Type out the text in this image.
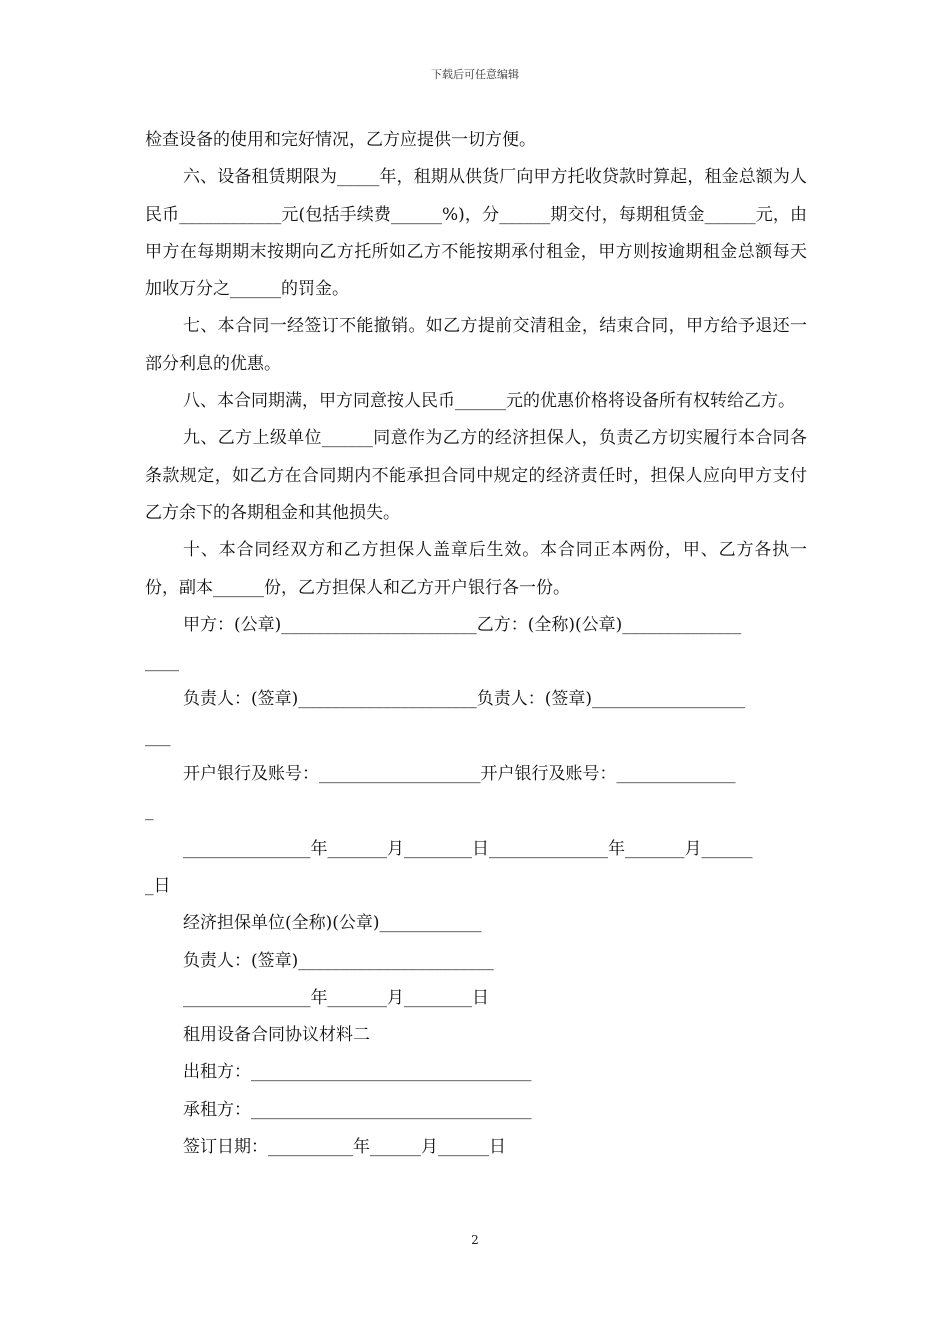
下载后可任意编辑

检查设备的使用和完好情况，乙方应提供一切方便。

六、设备租赁期限为_____年，租期从供货厂向甲方托收贷款时算起，租金总额为人民币____________元(包括手续费______%)，分______期交付，每期租赁金______元，由甲方在每期期末按期向乙方托所如乙方不能按期承付租金，甲方则按逾期租金总额每天加收万分之______的罚金。

七、本合同一经签订不能撤销。如乙方提前交清租金，结束合同，甲方给予退还一部分利息的优惠。

八、本合同期满，甲方同意按人民币______元的优惠价格将设备所有权转给乙方。

九、乙方上级单位______同意作为乙方的经济担保人，负责乙方切实履行本合同各条款规定，如乙方在合同期内不能承担合同中规定的经济责任时，担保人应向甲方支付乙方余下的各期租金和其他损失。

十、本合同经双方和乙方担保人盖章后生效。本合同正本两份，甲、乙方各执一份，副本______份，乙方担保人和乙方开户银行各一份。

甲方：(公章)_______________________乙方：(全称)(公章)______________

____

负责人：(签章)_____________________负责人：(签章)__________________

___

开户银行及账号：___________________开户银行及账号：______________

_

_______________年_______月________日______________年_______月______

_日

经济担保单位(全称)(公章)____________

负责人：(签章)_______________________

_______________年_______月________日

租用设备合同协议材料二

出租方：_________________________________

承租方：_________________________________

签订日期：__________年______月______日

2
